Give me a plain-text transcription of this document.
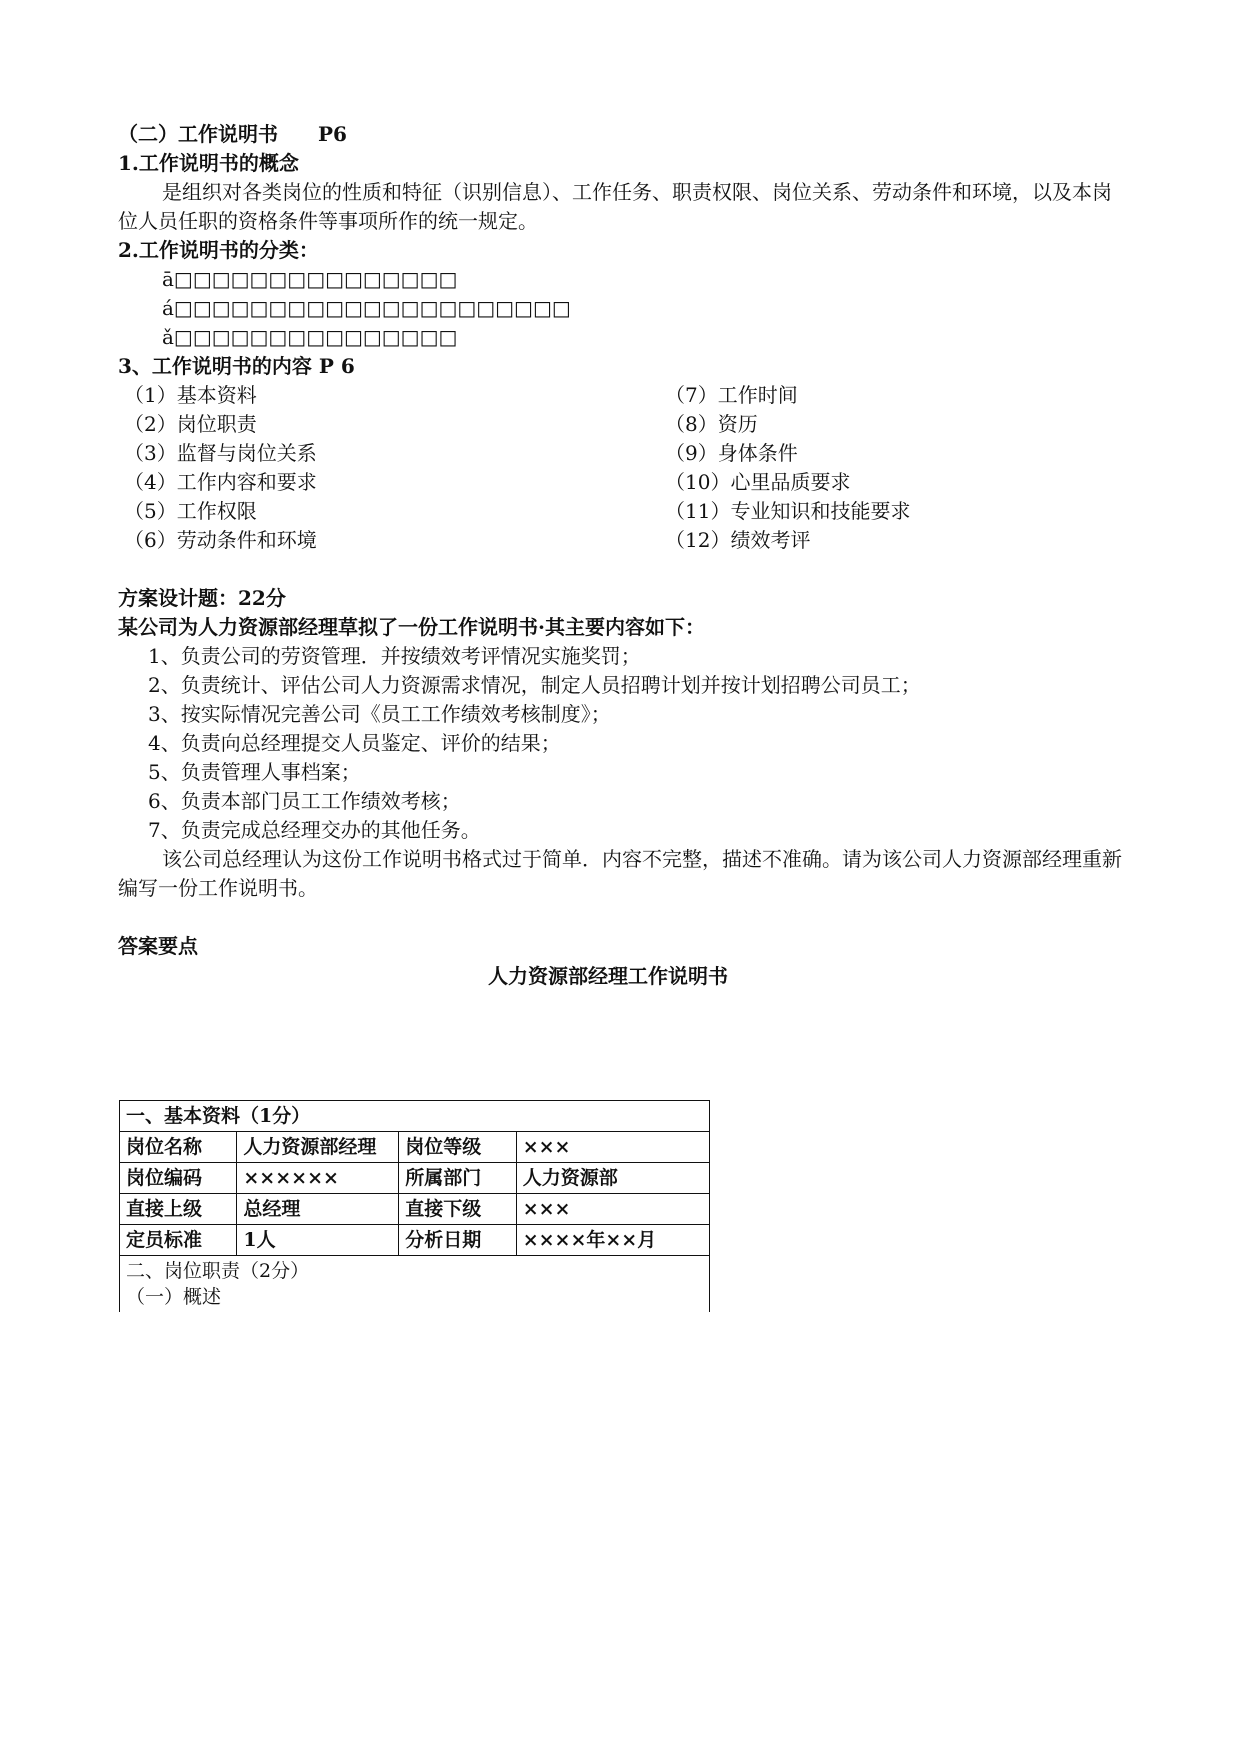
（二）工作说明书 P6
1.工作说明书的概念
是组织对各类岗位的性质和特征（识别信息）、工作任务、职责权限、岗位关系、劳动条件和环境，以及本岗位人员任职的资格条件等事项所作的统一规定。
2.工作说明书的分类：
ā□□□□□□□□□□□□□□□
á□□□□□□□□□□□□□□□□□□□□□
ǎ□□□□□□□□□□□□□□□
3、工作说明书的内容 P 6
（1）基本资料
（2）岗位职责
（3）监督与岗位关系
（4）工作内容和要求
（5）工作权限
（6）劳动条件和环境
（7）工作时间
（8）资历
（9）身体条件
（10）心里品质要求
（11）专业知识和技能要求
（12）绩效考评
方案设计题：22分
某公司为人力资源部经理草拟了一份工作说明书·其主要内容如下：
1、负责公司的劳资管理．并按绩效考评情况实施奖罚；
2、负责统计、评估公司人力资源需求情况，制定人员招聘计划并按计划招聘公司员工；
3、按实际情况完善公司《员工工作绩效考核制度》；
4、负责向总经理提交人员鉴定、评价的结果；
5、负责管理人事档案；
6、负责本部门员工工作绩效考核；
7、负责完成总经理交办的其他任务。
该公司总经理认为这份工作说明书格式过于简单．内容不完整，描述不准确。请为该公司人力资源部经理重新编写一份工作说明书。
答案要点
人力资源部经理工作说明书
一、基本资料（1分）			
岗位名称	人力资源部经理	岗位等级	×××
岗位编码	××××××	所属部门	人力资源部
直接上级	总经理	直接下级	×××
定员标准	1人	分析日期	××××年××月

二、岗位职责（2分）
（一）概述			
